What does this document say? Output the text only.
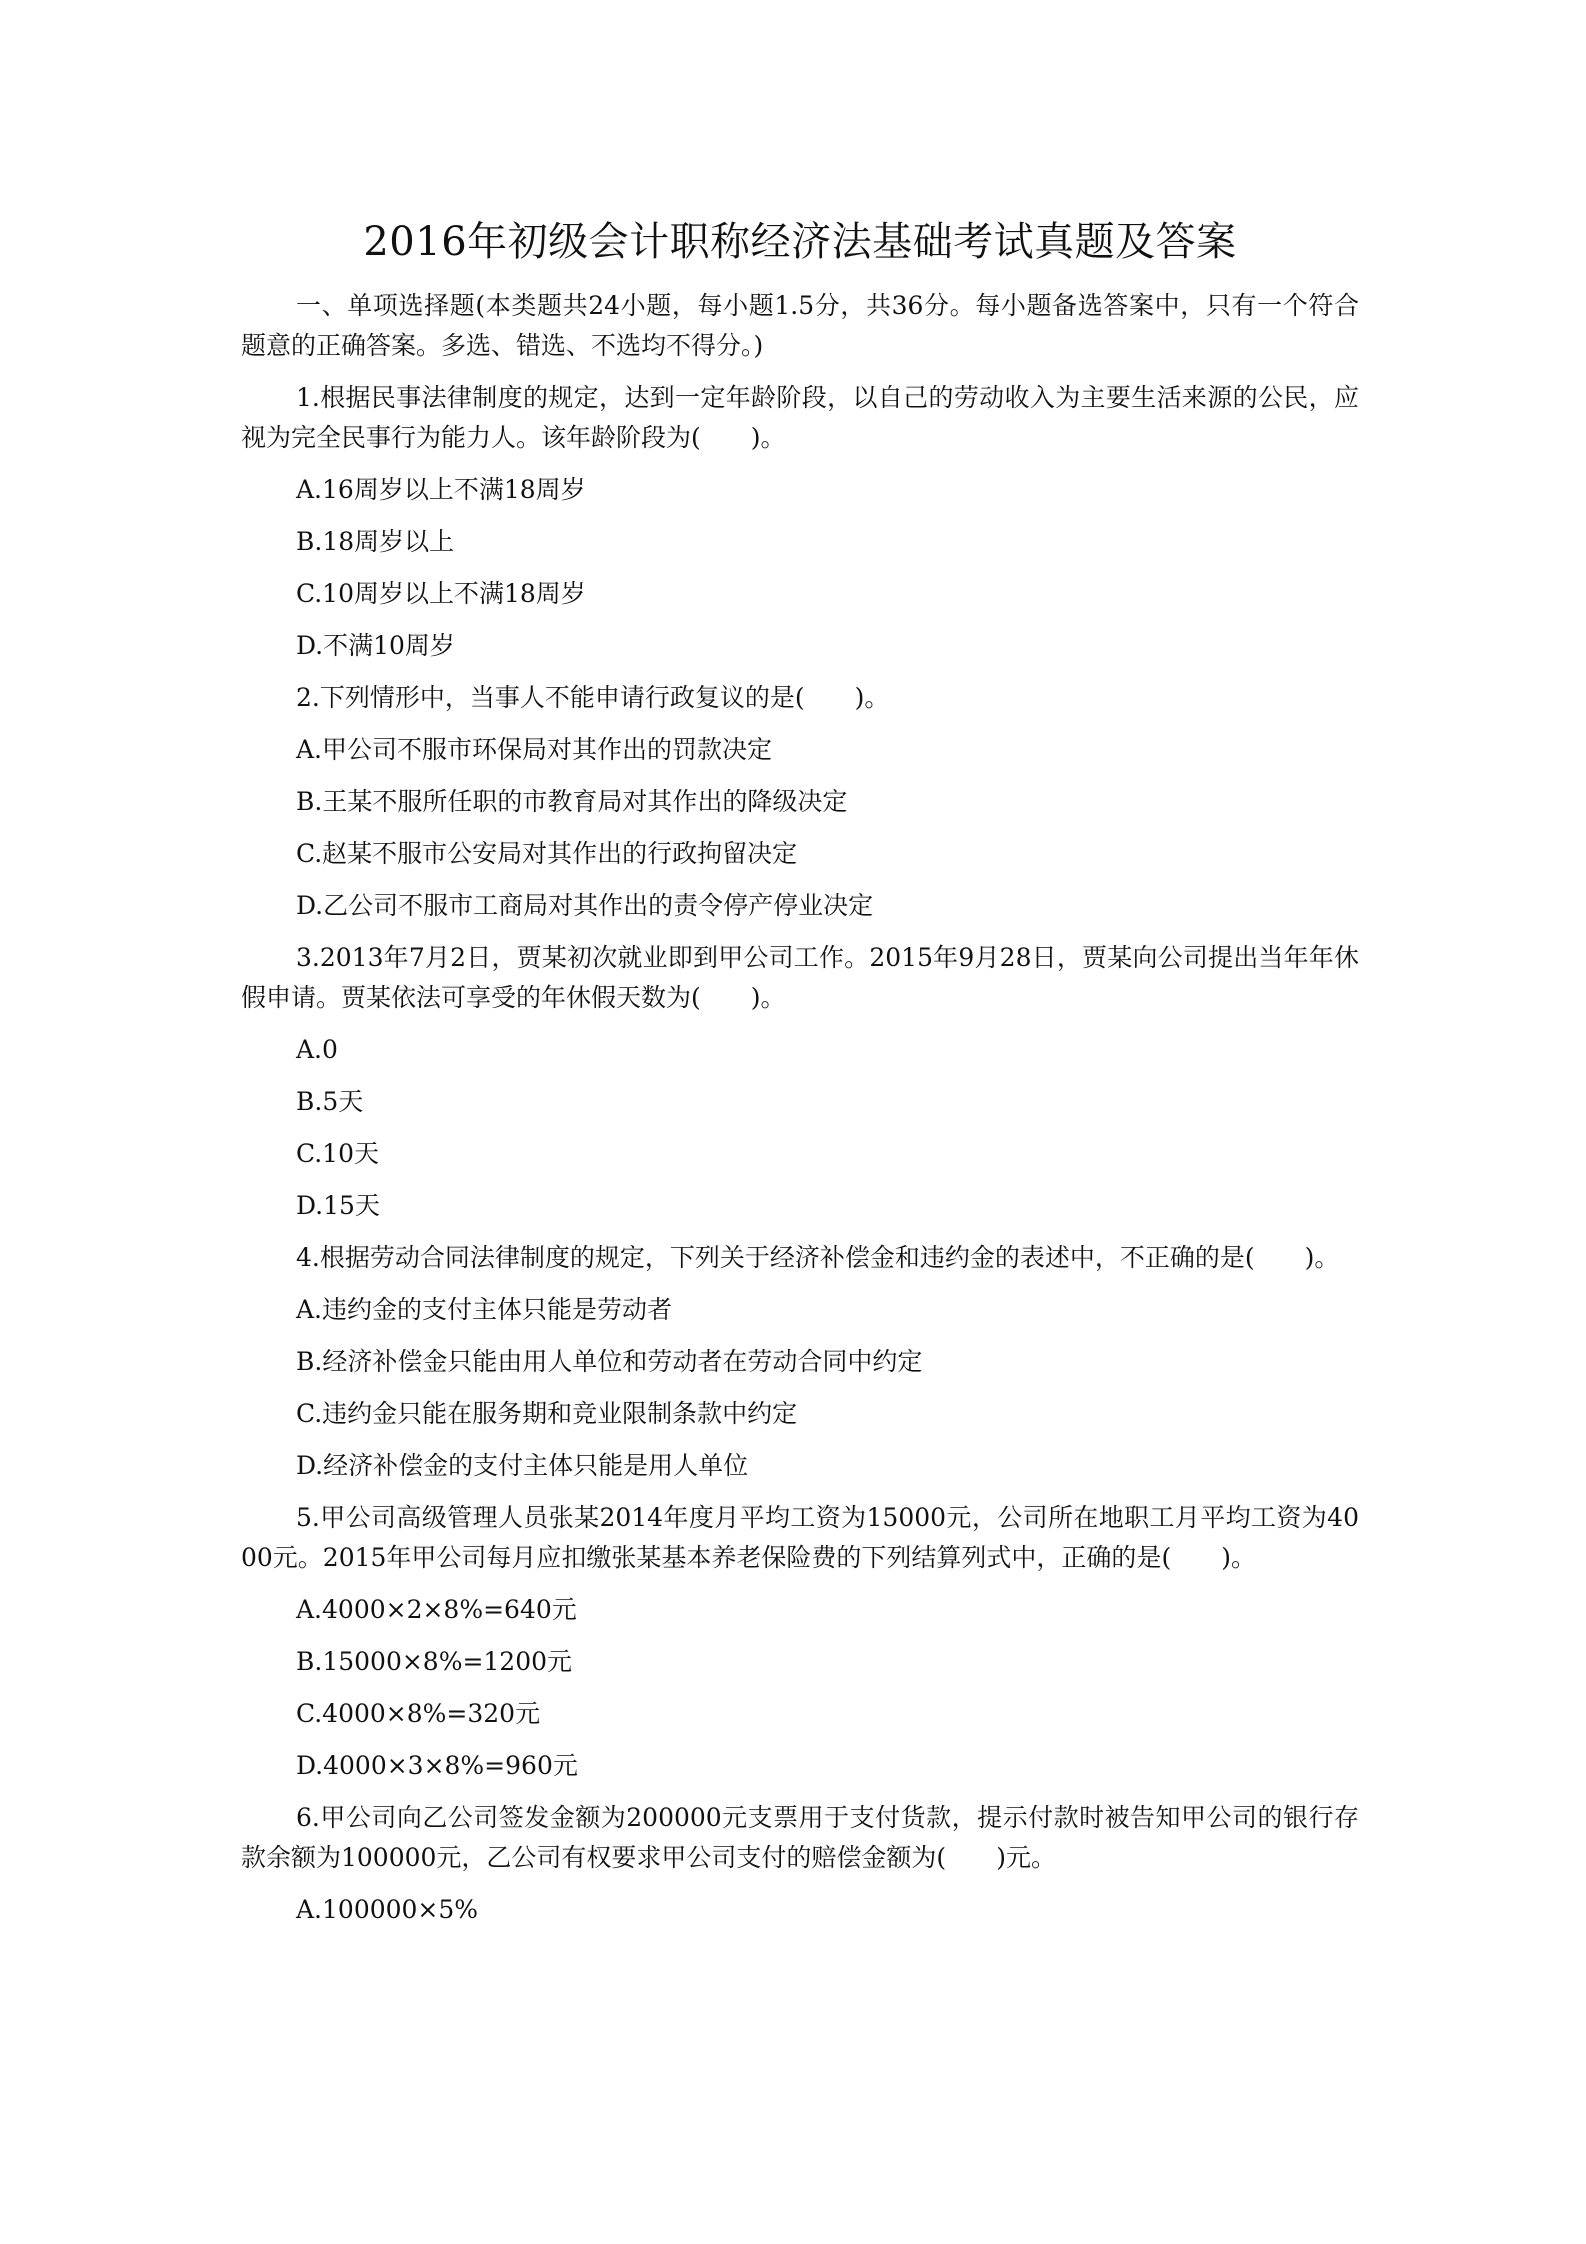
2016年初级会计职称经济法基础考试真题及答案

一、单项选择题(本类题共24小题，每小题1.5分，共36分。每小题备选答案中，只有一个符合题意的正确答案。多选、错选、不选均不得分。)

1.根据民事法律制度的规定，达到一定年龄阶段，以自己的劳动收入为主要生活来源的公民，应视为完全民事行为能力人。该年龄阶段为(　　)。

A.16周岁以上不满18周岁

B.18周岁以上

C.10周岁以上不满18周岁

D.不满10周岁

2.下列情形中，当事人不能申请行政复议的是(　　)。

A.甲公司不服市环保局对其作出的罚款决定

B.王某不服所任职的市教育局对其作出的降级决定

C.赵某不服市公安局对其作出的行政拘留决定

D.乙公司不服市工商局对其作出的责令停产停业决定

3.2013年7月2日，贾某初次就业即到甲公司工作。2015年9月28日，贾某向公司提出当年年休假申请。贾某依法可享受的年休假天数为(　　)。

A.0

B.5天

C.10天

D.15天

4.根据劳动合同法律制度的规定，下列关于经济补偿金和违约金的表述中，不正确的是(　　)。

A.违约金的支付主体只能是劳动者

B.经济补偿金只能由用人单位和劳动者在劳动合同中约定

C.违约金只能在服务期和竞业限制条款中约定

D.经济补偿金的支付主体只能是用人单位

5.甲公司高级管理人员张某2014年度月平均工资为15000元，公司所在地职工月平均工资为4000元。2015年甲公司每月应扣缴张某基本养老保险费的下列结算列式中，正确的是(　　)。

A.4000×2×8%=640元

B.15000×8%=1200元

C.4000×8%=320元

D.4000×3×8%=960元

6.甲公司向乙公司签发金额为200000元支票用于支付货款，提示付款时被告知甲公司的银行存款余额为100000元，乙公司有权要求甲公司支付的赔偿金额为(　　)元。

A.100000×5%
